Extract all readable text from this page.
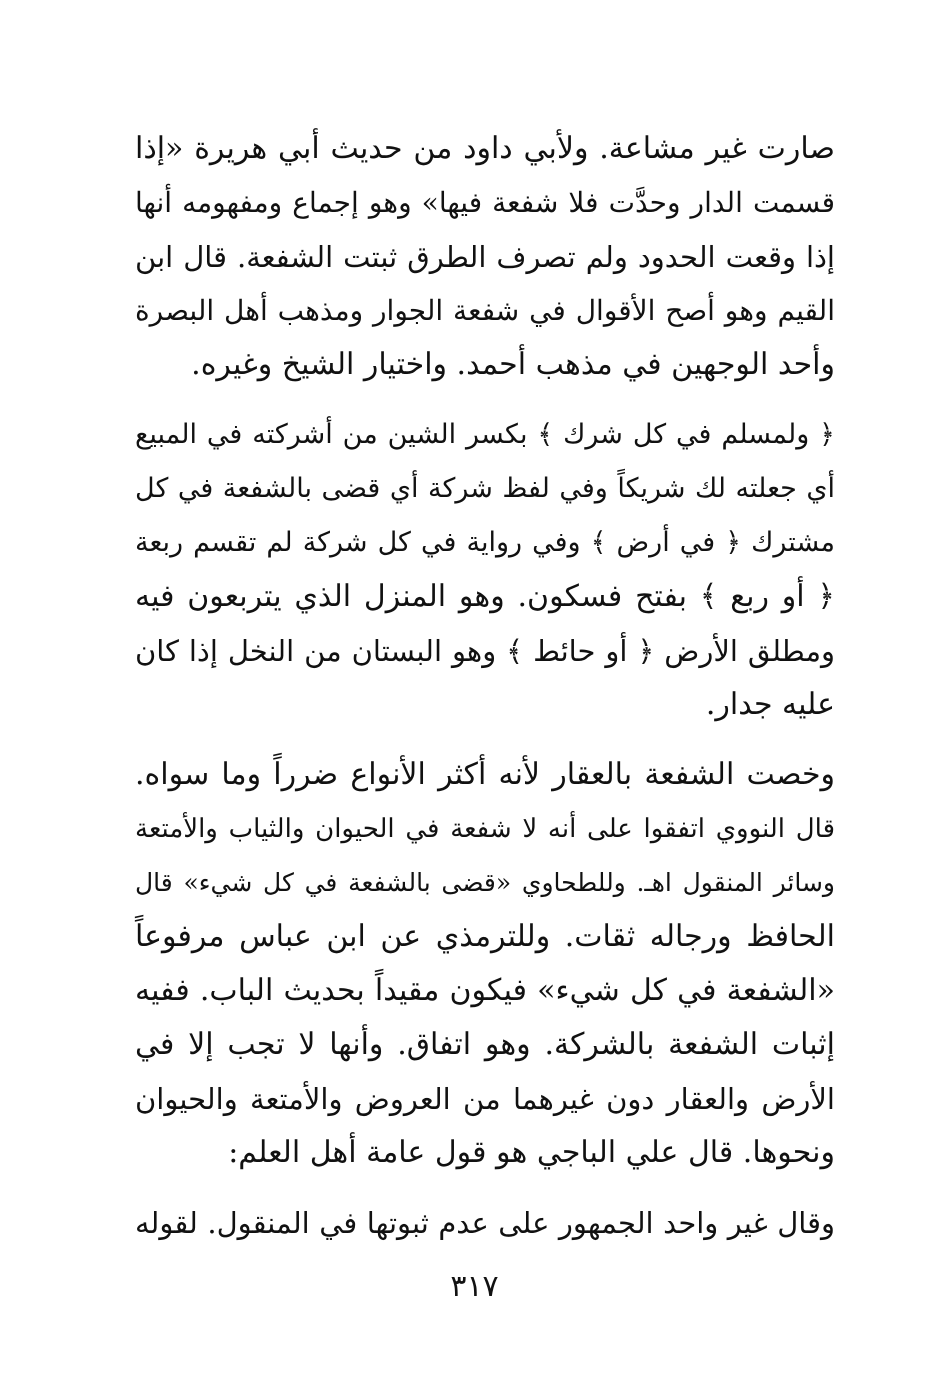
صارت غير مشاعة. ولأبي داود من حديث أبي هريرة «إذا
قسمت الدار وحدَّت فلا شفعة فيها» وهو إجماع ومفهومه أنها
إذا وقعت الحدود ولم تصرف الطرق ثبتت الشفعة. قال ابن
القيم وهو أصح الأقوال في شفعة الجوار ومذهب أهل البصرة
وأحد الوجهين في مذهب أحمد. واختيار الشيخ وغيره.
﴿ ولمسلم في كل شرك ﴾ بكسر الشين من أشركته في المبيع
أي جعلته لك شريكاً وفي لفظ شركة أي قضى بالشفعة في كل
مشترك ﴿ في أرض ﴾ وفي رواية في كل شركة لم تقسم ربعة
﴿ أو ربع ﴾ بفتح فسكون. وهو المنزل الذي يتربعون فيه
ومطلق الأرض ﴿ أو حائط ﴾ وهو البستان من النخل إذا كان
عليه جدار.
وخصت الشفعة بالعقار لأنه أكثر الأنواع ضرراً وما سواه.
قال النووي اتفقوا على أنه لا شفعة في الحيوان والثياب والأمتعة
وسائر المنقول اهـ. وللطحاوي «قضى بالشفعة في كل شيء» قال
الحافظ ورجاله ثقات. وللترمذي عن ابن عباس مرفوعاً
«الشفعة في كل شيء» فيكون مقيداً بحديث الباب. ففيه
إثبات الشفعة بالشركة. وهو اتفاق. وأنها لا تجب إلا في
الأرض والعقار دون غيرهما من العروض والأمتعة والحيوان
ونحوها. قال علي الباجي هو قول عامة أهل العلم:
وقال غير واحد الجمهور على عدم ثبوتها في المنقول. لقوله
٣١٧
